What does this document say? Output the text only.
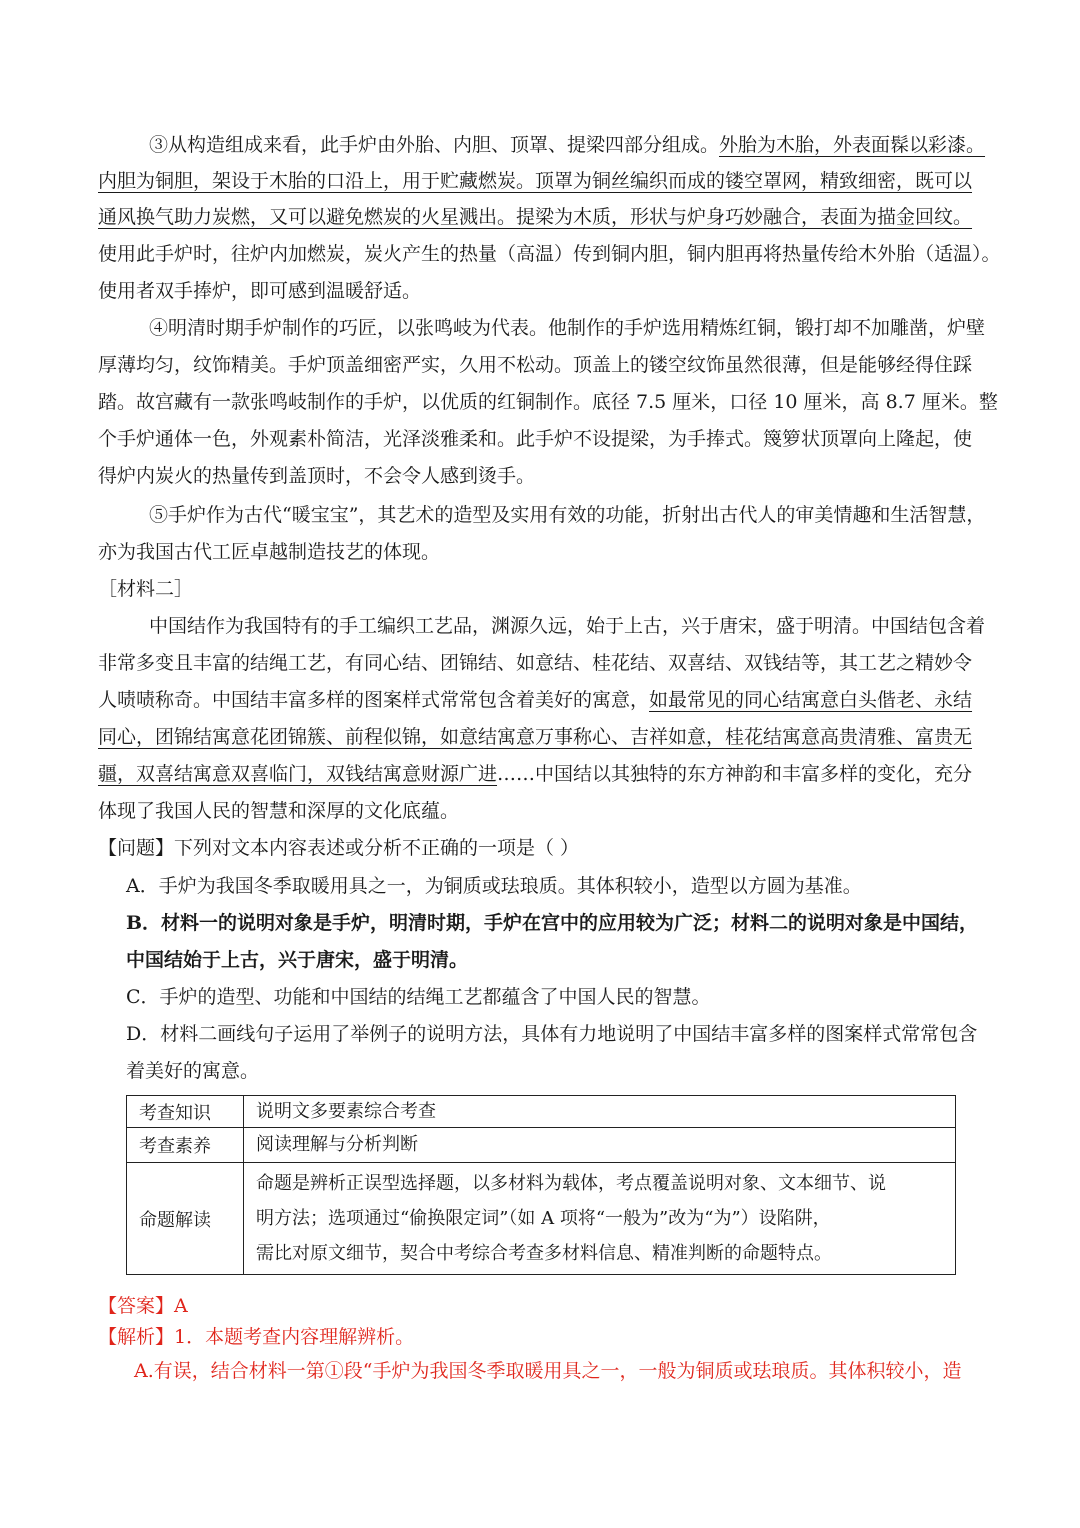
③从构造组成来看，此手炉由外胎、内胆、顶罩、提梁四部分组成。外胎为木胎，外表面髹以彩漆。
内胆为铜胆，架设于木胎的口沿上，用于贮藏燃炭。顶罩为铜丝编织而成的镂空罩网，精致细密，既可以
通风换气助力炭燃，又可以避免燃炭的火星溅出。提梁为木质，形状与炉身巧妙融合，表面为描金回纹。
使用此手炉时，往炉内加燃炭，炭火产生的热量（高温）传到铜内胆，铜内胆再将热量传给木外胎（适温）。
使用者双手捧炉，即可感到温暖舒适。
④明清时期手炉制作的巧匠，以张鸣岐为代表。他制作的手炉选用精炼红铜，锻打却不加雕凿，炉壁
厚薄均匀，纹饰精美。手炉顶盖细密严实，久用不松动。顶盖上的镂空纹饰虽然很薄，但是能够经得住踩
踏。故宫藏有一款张鸣岐制作的手炉，以优质的红铜制作。底径 7.5 厘米，口径 10 厘米，高 8.7 厘米。整
个手炉通体一色，外观素朴简洁，光泽淡雅柔和。此手炉不设提梁，为手捧式。篾箩状顶罩向上隆起，使
得炉内炭火的热量传到盖顶时，不会令人感到烫手。
⑤手炉作为古代“暖宝宝”，其艺术的造型及实用有效的功能，折射出古代人的审美情趣和生活智慧，
亦为我国古代工匠卓越制造技艺的体现。
［材料二］
中国结作为我国特有的手工编织工艺品，渊源久远，始于上古，兴于唐宋，盛于明清。中国结包含着
非常多变且丰富的结绳工艺，有同心结、团锦结、如意结、桂花结、双喜结、双钱结等，其工艺之精妙令
人啧啧称奇。中国结丰富多样的图案样式常常包含着美好的寓意，如最常见的同心结寓意白头偕老、永结
同心，团锦结寓意花团锦簇、前程似锦，如意结寓意万事称心、吉祥如意，桂花结寓意高贵清雅、富贵无
疆，双喜结寓意双喜临门，双钱结寓意财源广进……中国结以其独特的东方神韵和丰富多样的变化，充分
体现了我国人民的智慧和深厚的文化底蕴。
【问题】下列对文本内容表述或分析不正确的一项是（ ）
A．手炉为我国冬季取暖用具之一，为铜质或珐琅质。其体积较小，造型以方圆为基准。
B．材料一的说明对象是手炉，明清时期，手炉在宫中的应用较为广泛；材料二的说明对象是中国结，
中国结始于上古，兴于唐宋，盛于明清。
C．手炉的造型、功能和中国结的结绳工艺都蕴含了中国人民的智慧。
D．材料二画线句子运用了举例子的说明方法，具体有力地说明了中国结丰富多样的图案样式常常包含
着美好的寓意。
考查知识	说明文多要素综合考查
考查素养	阅读理解与分析判断
命题解读	命题是辨析正误型选择题，以多材料为载体，考点覆盖说明对象、文本细节、说
明方法；选项通过“偷换限定词”（如 A 项将“一般为”改为“为”）设陷阱，
需比对原文细节，契合中考综合考查多材料信息、精准判断的命题特点。
【答案】A
【解析】1．本题考查内容理解辨析。
A.有误，结合材料一第①段“手炉为我国冬季取暖用具之一，一般为铜质或珐琅质。其体积较小，造
